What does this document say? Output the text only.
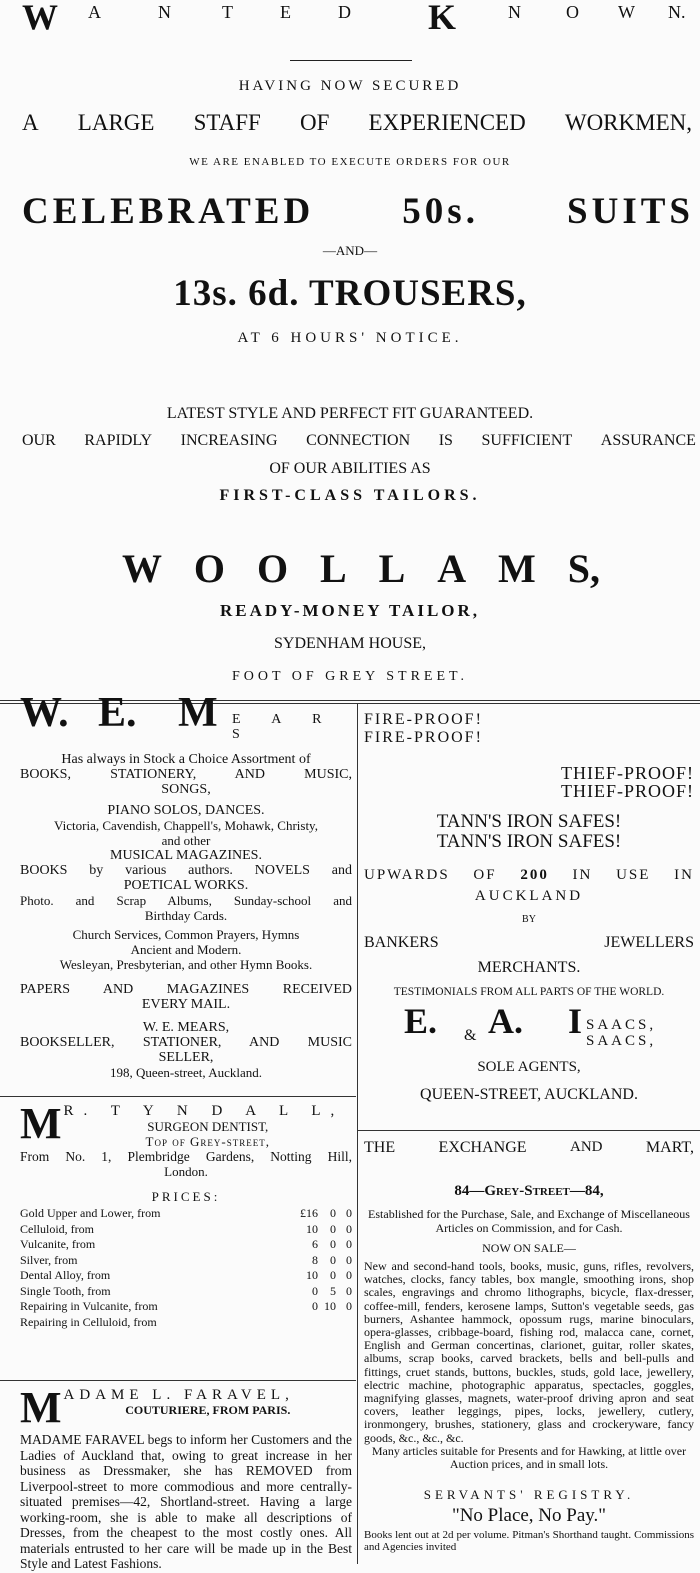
W A	N	T	E	D K	N	O W N.
HAVING NOW SECURED
A LARGE STAFF OF EXPERIENCED WORKMEN,
WE ARE ENABLED TO EXECUTE ORDERS FOR OUR
CELEBRATED 50s. SUITS
—AND—
13s. 6d. TROUSERS,
AT 6 HOURS' NOTICE.
LATEST STYLE AND PERFECT FIT GUARANTEED.
OUR RAPIDLY INCREASING CONNECTION IS SUFFICIENT ASSURANCE
OF OUR ABILITIES AS
FIRST-CLASS TAILORS.
W O O L L A M S,
READY-MONEY TAILOR,
SYDENHAM HOUSE,
FOOT OF GREY STREET.
W. E. M E A R S
Has always in Stock a Choice Assortment of
BOOKS, STATIONERY, AND MUSIC,
SONGS,
PIANO SOLOS, DANCES.
Victoria, Cavendish, Chappell's, Mohawk, Christy,
and other
MUSICAL MAGAZINES.
BOOKS by various authors. NOVELS and
POETICAL WORKS.
Photo. and Scrap Albums, Sunday-school and
Birthday Cards.
Church Services, Common Prayers, Hymns
Ancient and Modern.
Wesleyan, Presbyterian, and other Hymn Books.
PAPERS AND MAGAZINES RECEIVED
EVERY MAIL.
W. E. MEARS,
BOOKSELLER, STATIONER, AND MUSIC
SELLER,
198, Queen-street, Auckland.
M R. T Y N D A L L,
SURGEON DENTIST,
Top of Grey-street,
From No. 1, Plembridge Gardens, Notting Hill,
London.
PRICES:
Gold Upper and Lower, from	£16	0 0
Celluloid, from	10	0 0
Vulcanite, from	6	0 0
Silver, from	8	0 0
Dental Alloy, from	10	0 0
Single Tooth, from	0	5 0
Repairing in Vulcanite, from	0 10 0
Repairing in Celluloid, from
M ADAME L. FARAVEL,
COUTURIERE, FROM PARIS.
MADAME FARAVEL begs to inform her Customers and the Ladies of Auckland that, owing to great increase in her business as Dressmaker, she has REMOVED from Liverpool-street to more commodious and more centrally-situated premises—42, Shortland-street. Having a large working-room, she is able to make all descriptions of Dresses, from the cheapest to the most costly ones. All materials entrusted to her care will be made up in the Best Style and Latest Fashions.
FIRE-PROOF!
FIRE-PROOF!
THIEF-PROOF!
THIEF-PROOF!
TANN'S IRON SAFES!
TANN'S IRON SAFES!
UPWARDS OF 200 IN USE IN
AUCKLAND
BY
BANKERS	JEWELLERS
MERCHANTS.
TESTIMONIALS FROM ALL PARTS OF THE WORLD.
E. & A. I SAACS,
SAACS,
SOLE AGENTS,
QUEEN-STREET, AUCKLAND.
THE	EXCHANGE	AND	MART,
84—Grey-Street—84,
Established for the Purchase, Sale, and Exchange of Miscellaneous Articles on Commission, and for Cash.
NOW ON SALE—
New and second-hand tools, books, music, guns, rifles, revolvers, watches, clocks, fancy tables, box mangle, smoothing irons, shop scales, engravings and chromo lithographs, bicycle, flax-dresser, coffee-mill, fenders, kerosene lamps, Sutton's vegetable seeds, gas burners, Ashantee hammock, opossum rugs, marine binoculars, opera-glasses, cribbage-board, fishing rod, malacca cane, cornet, English and German concertinas, clarionet, guitar, roller skates, albums, scrap books, carved brackets, bells and bell-pulls and fittings, cruet stands, buttons, buckles, studs, gold lace, jewellery, electric machine, photographic apparatus, spectacles, goggles, magnifying glasses, magnets, water-proof driving apron and seat covers, leather leggings, pipes, locks, jewellery, cutlery, ironmongery, brushes, stationery, glass and crockeryware, fancy goods, &c., &c., &c.
Many articles suitable for Presents and for Hawking, at little over Auction prices, and in small lots.
SERVANTS' REGISTRY.
"No Place, No Pay."
Books lent out at 2d per volume. Pitman's Shorthand taught. Commissions and Agencies invited
